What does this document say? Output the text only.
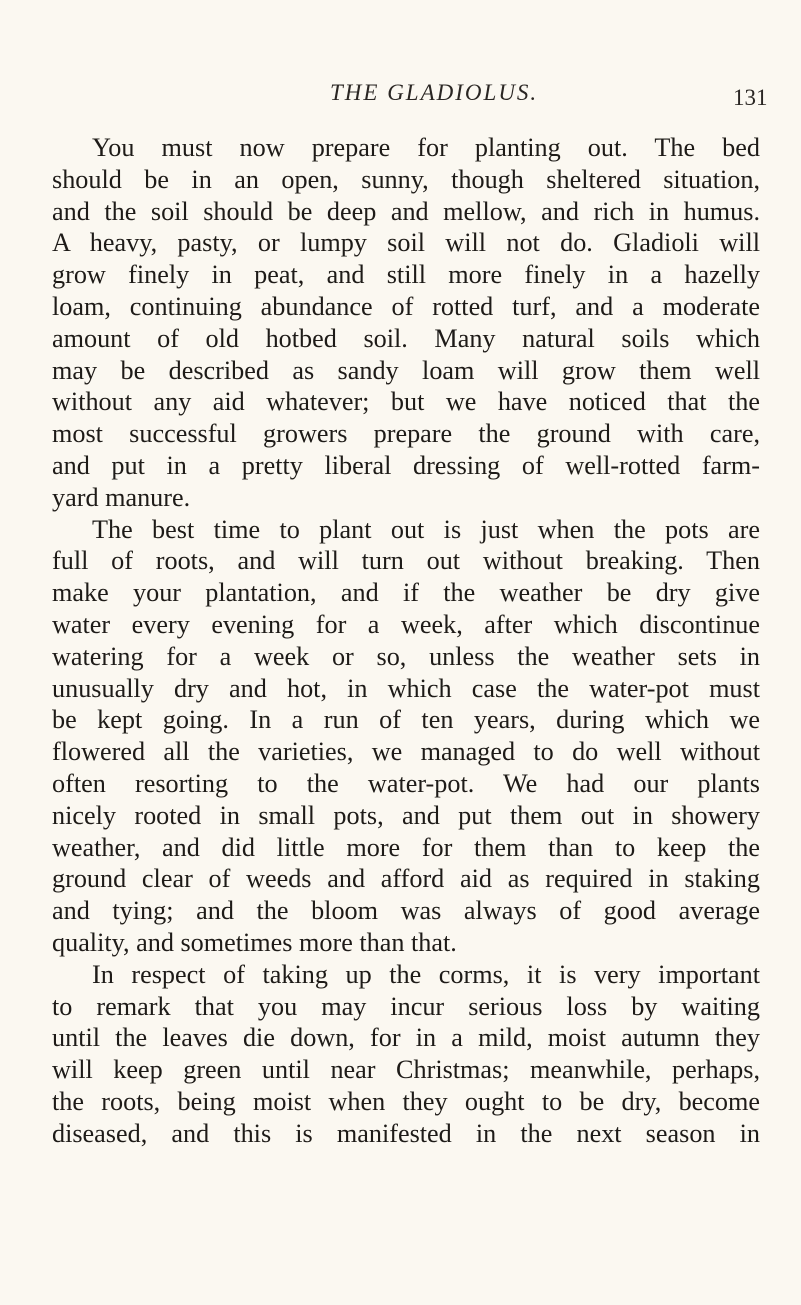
THE GLADIOLUS.	131
You must now prepare for planting out. The bed
should be in an open, sunny, though sheltered situation,
and the soil should be deep and mellow, and rich in humus.
A heavy, pasty, or lumpy soil will not do. Gladioli will
grow finely in peat, and still more finely in a hazelly
loam, continuing abundance of rotted turf, and a moderate
amount of old hotbed soil. Many natural soils which
may be described as sandy loam will grow them well
without any aid whatever; but we have noticed that the
most successful growers prepare the ground with care,
and put in a pretty liberal dressing of well-rotted farm-
yard manure.
The best time to plant out is just when the pots are
full of roots, and will turn out without breaking. Then
make your plantation, and if the weather be dry give
water every evening for a week, after which discontinue
watering for a week or so, unless the weather sets in
unusually dry and hot, in which case the water-pot must
be kept going. In a run of ten years, during which we
flowered all the varieties, we managed to do well without
often resorting to the water-pot. We had our plants
nicely rooted in small pots, and put them out in showery
weather, and did little more for them than to keep the
ground clear of weeds and afford aid as required in staking
and tying; and the bloom was always of good average
quality, and sometimes more than that.
In respect of taking up the corms, it is very important
to remark that you may incur serious loss by waiting
until the leaves die down, for in a mild, moist autumn they
will keep green until near Christmas; meanwhile, perhaps,
the roots, being moist when they ought to be dry, become
diseased, and this is manifested in the next season in
